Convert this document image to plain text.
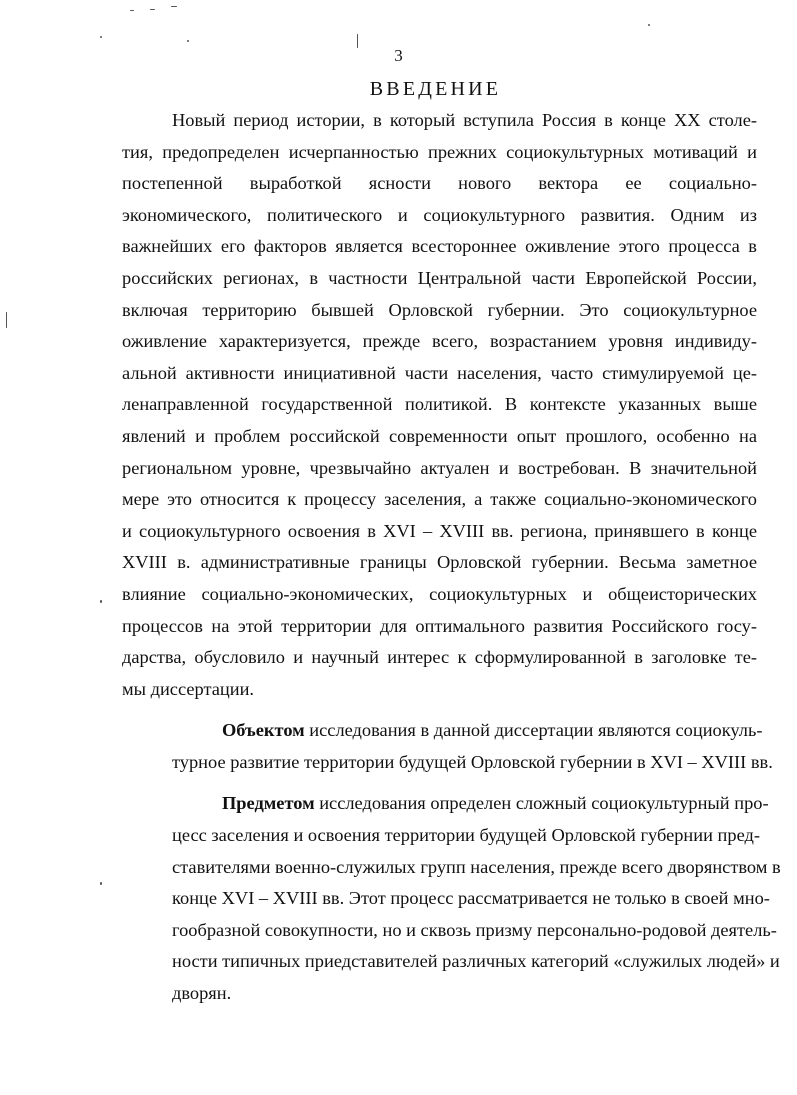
3
ВВЕДЕНИЕ
Новый период истории, в который вступила Россия в конце XX столе-
тия, предопределен исчерпанностью прежних социокультурных мотиваций и
постепенной выработкой ясности нового вектора ее социально-
экономического, политического и социокультурного развития. Одним из
важнейших его факторов является всестороннее оживление этого процесса в
российских регионах, в частности Центральной части Европейской России,
включая территорию бывшей Орловской губернии. Это социокультурное
оживление характеризуется, прежде всего, возрастанием уровня индивиду-
альной активности инициативной части населения, часто стимулируемой це-
ленаправленной государственной политикой. В контексте указанных выше
явлений и проблем российской современности опыт прошлого, особенно на
региональном уровне, чрезвычайно актуален и востребован. В значительной
мере это относится к процессу заселения, а также социально-экономического
и социокультурного освоения в XVI – XVIII вв. региона, принявшего в конце
XVIII в. административные границы Орловской губернии. Весьма заметное
влияние социально-экономических, социокультурных и общеисторических
процессов на этой территории для оптимального развития Российского госу-
дарства, обусловило и научный интерес к сформулированной в заголовке те-
мы диссертации.
Объектом исследования в данной диссертации являются социокуль-
турное развитие территории будущей Орловской губернии в XVI – XVIII вв.
Предметом исследования определен сложный социокультурный про-
цесс заселения и освоения территории будущей Орловской губернии пред-
ставителями военно-служилых групп населения, прежде всего дворянством в
конце XVI – XVIII вв. Этот процесс рассматривается не только в своей мно-
гообразной совокупности, но и сквозь призму персонально-родовой деятель-
ности типичных приедставителей различных категорий «служилых людей» и
дворян.
